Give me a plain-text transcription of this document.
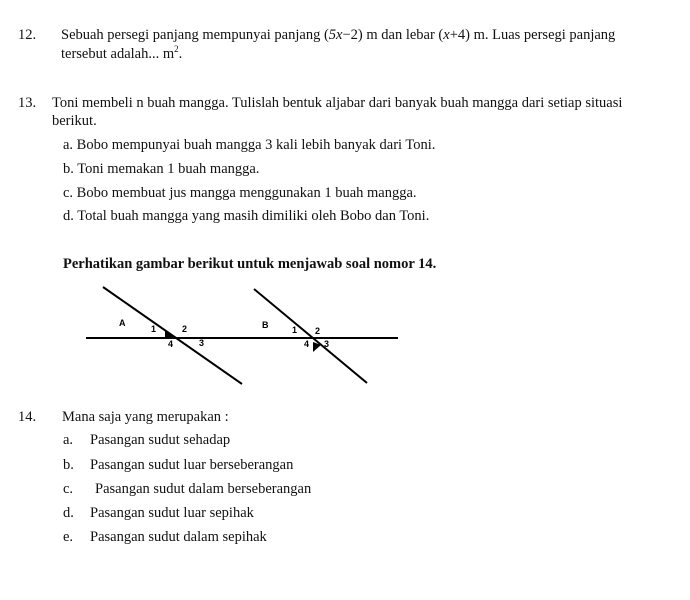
12. Sebuah persegi panjang mempunyai panjang (5x−2) m dan lebar (x+4) m. Luas persegi panjang
tersebut adalah... $m^2$.
13. Toni membeli n buah mangga. Tulislah bentuk aljabar dari banyak buah mangga dari setiap situasi
berikut.
a. Bobo mempunyai buah mangga 3 kali lebih banyak dari Toni.
b. Toni memakan 1 buah mangga.
c. Bobo membuat jus mangga menggunakan 1 buah mangga.
d. Total buah mangga yang masih dimiliki oleh Bobo dan Toni.
Perhatikan gambar berikut untuk menjawab soal nomor 14.
A
1	2
3
4
B	1 2
3
4
14. Mana saja yang merupakan :
a. Pasangan sudut sehadap
b. Pasangan sudut luar berseberangan
c. Pasangan sudut dalam berseberangan
d. Pasangan sudut luar sepihak
e. Pasangan sudut dalam sepihak
